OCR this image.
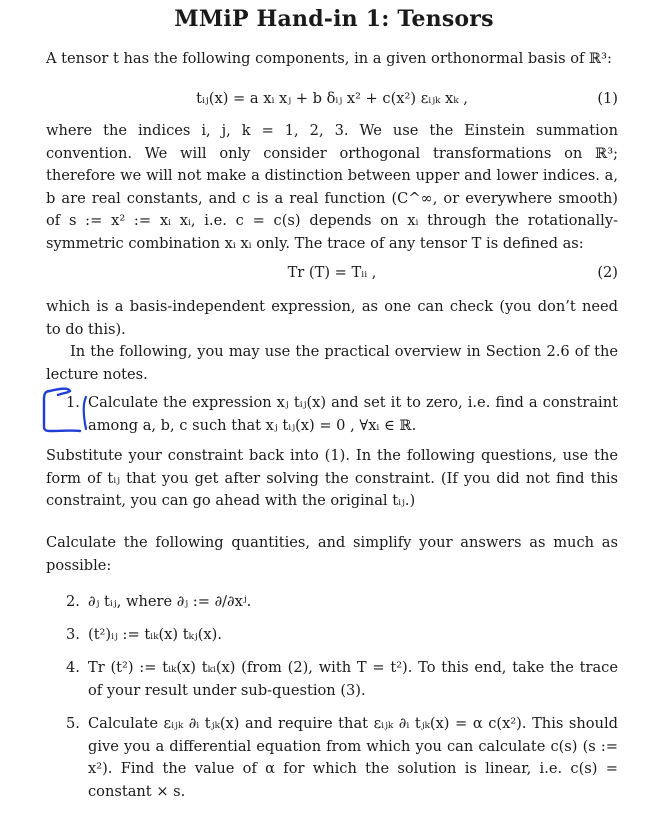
MMiP Hand-in 1: Tensors
A tensor t has the following components, in a given orthonormal basis of ℝ³:
tᵢⱼ(x) = a xᵢ xⱼ + b δᵢⱼ x² + c(x²) εᵢⱼₖ xₖ ,	(1)
where the indices i, j, k = 1, 2, 3. We use the Einstein summation convention. We will only consider orthogonal transformations on ℝ³; therefore we will not make a distinction between upper and lower indices. a, b are real constants, and c is a real function (C^∞, or everywhere smooth) of s := x² := xᵢ xᵢ, i.e. c = c(s) depends on xᵢ through the rotationally-symmetric combination xᵢ xᵢ only. The trace of any tensor T is defined as:
Tr (T) = Tᵢᵢ ,	(2)
which is a basis-independent expression, as one can check (you don’t need to do this).
In the following, you may use the practical overview in Section 2.6 of the lecture notes.
1. Calculate the expression xⱼ tᵢⱼ(x) and set it to zero, i.e. find a constraint among a, b, c such that xⱼ tᵢⱼ(x) = 0 , ∀xᵢ ∈ ℝ.
Substitute your constraint back into (1). In the following questions, use the form of tᵢⱼ that you get after solving the constraint. (If you did not find this constraint, you can go ahead with the original tᵢⱼ.)
Calculate the following quantities, and simplify your answers as much as possible:
2. ∂ⱼ tᵢⱼ, where ∂ⱼ := ∂/∂xʲ.
3. (t²)ᵢⱼ := tᵢₖ(x) tₖⱼ(x).
4. Tr (t²) := tᵢₖ(x) tₖᵢ(x) (from (2), with T = t²). To this end, take the trace of your result under sub-question (3).
5. Calculate εᵢⱼₖ ∂ᵢ tⱼₖ(x) and require that εᵢⱼₖ ∂ᵢ tⱼₖ(x) = α c(x²). This should give you a differential equation from which you can calculate c(s) (s := x²). Find the value of α for which the solution is linear, i.e. c(s) = constant × s.
